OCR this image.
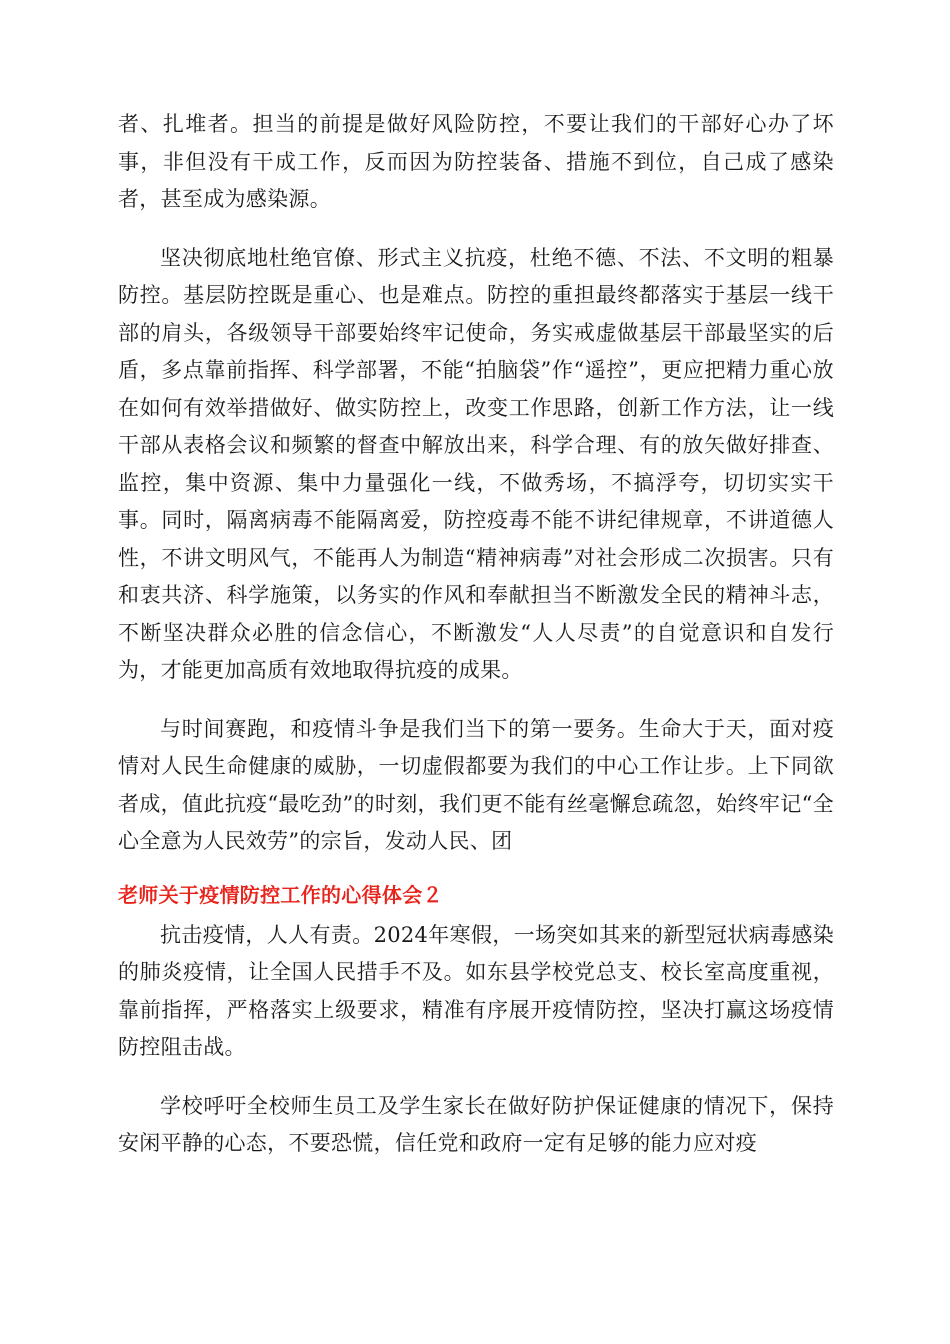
者、扎堆者。担当的前提是做好风险防控，不要让我们的干部好心办了坏事，非但没有干成工作，反而因为防控装备、措施不到位，自己成了感染者，甚至成为感染源。

坚决彻底地杜绝官僚、形式主义抗疫，杜绝不德、不法、不文明的粗暴防控。基层防控既是重心、也是难点。防控的重担最终都落实于基层一线干部的肩头，各级领导干部要始终牢记使命，务实戒虚做基层干部最坚实的后盾，多点靠前指挥、科学部署，不能“拍脑袋”作“遥控”，更应把精力重心放在如何有效举措做好、做实防控上，改变工作思路，创新工作方法，让一线干部从表格会议和频繁的督查中解放出来，科学合理、有的放矢做好排查、监控，集中资源、集中力量强化一线，不做秀场，不搞浮夸，切切实实干事。同时，隔离病毒不能隔离爱，防控疫毒不能不讲纪律规章，不讲道德人性，不讲文明风气，不能再人为制造“精神病毒”对社会形成二次损害。只有和衷共济、科学施策，以务实的作风和奉献担当不断激发全民的精神斗志，不断坚决群众必胜的信念信心，不断激发“人人尽责”的自觉意识和自发行为，才能更加高质有效地取得抗疫的成果。

与时间赛跑，和疫情斗争是我们当下的第一要务。生命大于天，面对疫情对人民生命健康的威胁，一切虚假都要为我们的中心工作让步。上下同欲者成，值此抗疫“最吃劲”的时刻，我们更不能有丝毫懈怠疏忽，始终牢记“全心全意为人民效劳”的宗旨，发动人民、团

老师关于疫情防控工作的心得体会２

抗击疫情，人人有责。2024年寒假，一场突如其来的新型冠状病毒感染的肺炎疫情，让全国人民措手不及。如东县学校党总支、校长室高度重视，靠前指挥，严格落实上级要求，精准有序展开疫情防控，坚决打赢这场疫情防控阻击战。

学校呼吁全校师生员工及学生家长在做好防护保证健康的情况下，保持安闲平静的心态，不要恐慌，信任党和政府一定有足够的能力应对疫
